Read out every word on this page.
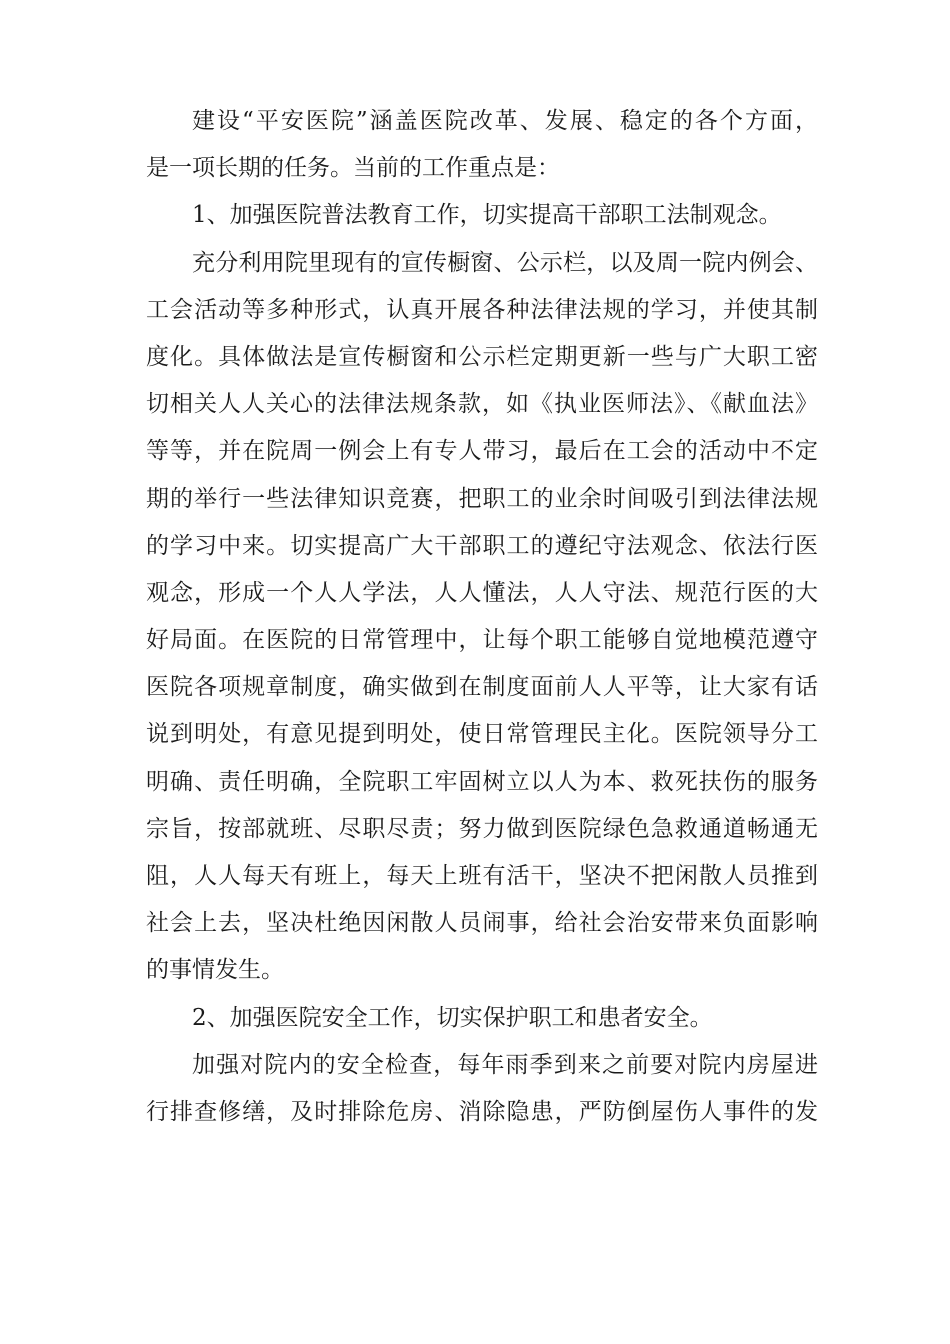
建设“平安医院”涵盖医院改革、发展、稳定的各个方面，
是一项长期的任务。当前的工作重点是：
1、加强医院普法教育工作，切实提高干部职工法制观念。
充分利用院里现有的宣传橱窗、公示栏，以及周一院内例会、
工会活动等多种形式，认真开展各种法律法规的学习，并使其制
度化。具体做法是宣传橱窗和公示栏定期更新一些与广大职工密
切相关人人关心的法律法规条款，如《执业医师法》、《献血法》
等等，并在院周一例会上有专人带习，最后在工会的活动中不定
期的举行一些法律知识竞赛，把职工的业余时间吸引到法律法规
的学习中来。切实提高广大干部职工的遵纪守法观念、依法行医
观念，形成一个人人学法，人人懂法，人人守法、规范行医的大
好局面。在医院的日常管理中，让每个职工能够自觉地模范遵守
医院各项规章制度，确实做到在制度面前人人平等，让大家有话
说到明处，有意见提到明处，使日常管理民主化。医院领导分工
明确、责任明确，全院职工牢固树立以人为本、救死扶伤的服务
宗旨，按部就班、尽职尽责；努力做到医院绿色急救通道畅通无
阻，人人每天有班上，每天上班有活干，坚决不把闲散人员推到
社会上去，坚决杜绝因闲散人员闹事，给社会治安带来负面影响
的事情发生。
2、加强医院安全工作，切实保护职工和患者安全。
加强对院内的安全检查，每年雨季到来之前要对院内房屋进
行排查修缮，及时排除危房、消除隐患，严防倒屋伤人事件的发
